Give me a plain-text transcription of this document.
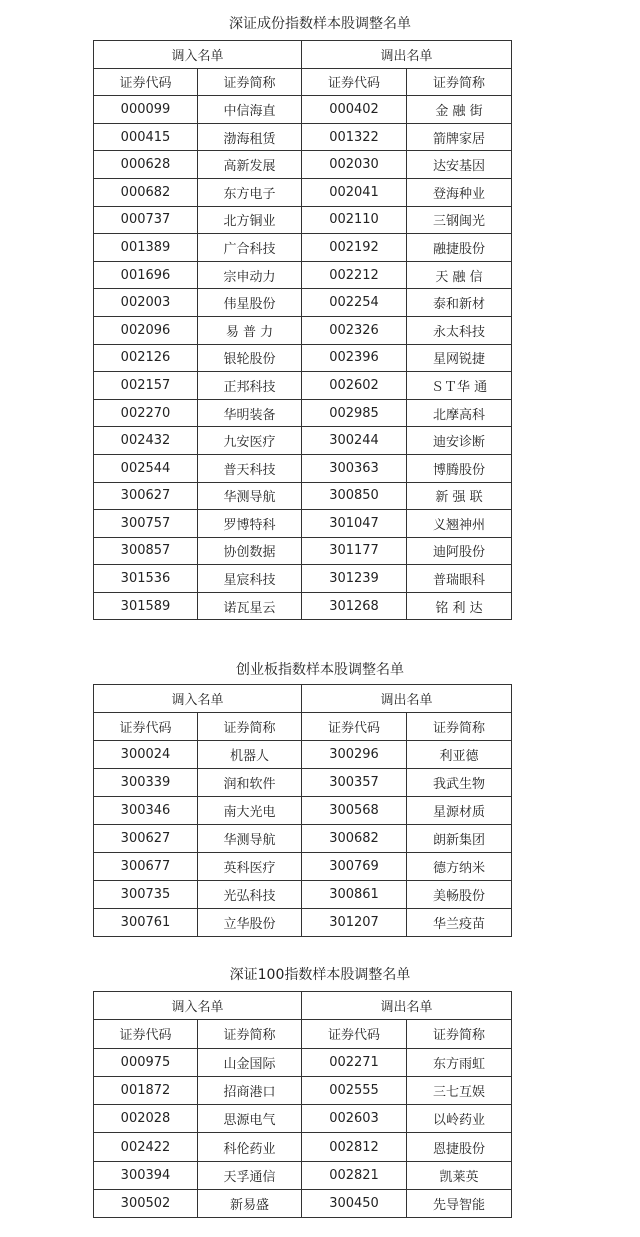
深证成份指数样本股调整名单
调入名单		调出名单	
证券代码	证券简称	证券代码	证券简称
000099	中信海直	000402	金 融 街
000415	渤海租赁	001322	箭牌家居
000628	高新发展	002030	达安基因
000682	东方电子	002041	登海种业
000737	北方铜业	002110	三钢闽光
001389	广合科技	002192	融捷股份
001696	宗申动力	002212	天 融 信
002003	伟星股份	002254	泰和新材
002096	易 普 力	002326	永太科技
002126	银轮股份	002396	星网锐捷
002157	正邦科技	002602	ＳＴ华 通
002270	华明装备	002985	北摩高科
002432	九安医疗	300244	迪安诊断
002544	普天科技	300363	博腾股份
300627	华测导航	300850	新 强 联
300757	罗博特科	301047	义翘神州
300857	协创数据	301177	迪阿股份
301536	星宸科技	301239	普瑞眼科
301589	诺瓦星云	301268	铭 利 达
创业板指数样本股调整名单
调入名单		调出名单	
证券代码	证券简称	证券代码	证券简称
300024	机器人	300296	利亚德
300339	润和软件	300357	我武生物
300346	南大光电	300568	星源材质
300627	华测导航	300682	朗新集团
300677	英科医疗	300769	德方纳米
300735	光弘科技	300861	美畅股份
300761	立华股份	301207	华兰疫苗
深证100指数样本股调整名单
调入名单		调出名单	
证券代码	证券简称	证券代码	证券简称
000975	山金国际	002271	东方雨虹
001872	招商港口	002555	三七互娱
002028	思源电气	002603	以岭药业
002422	科伦药业	002812	恩捷股份
300394	天孚通信	002821	凯莱英
300502	新易盛	300450	先导智能
